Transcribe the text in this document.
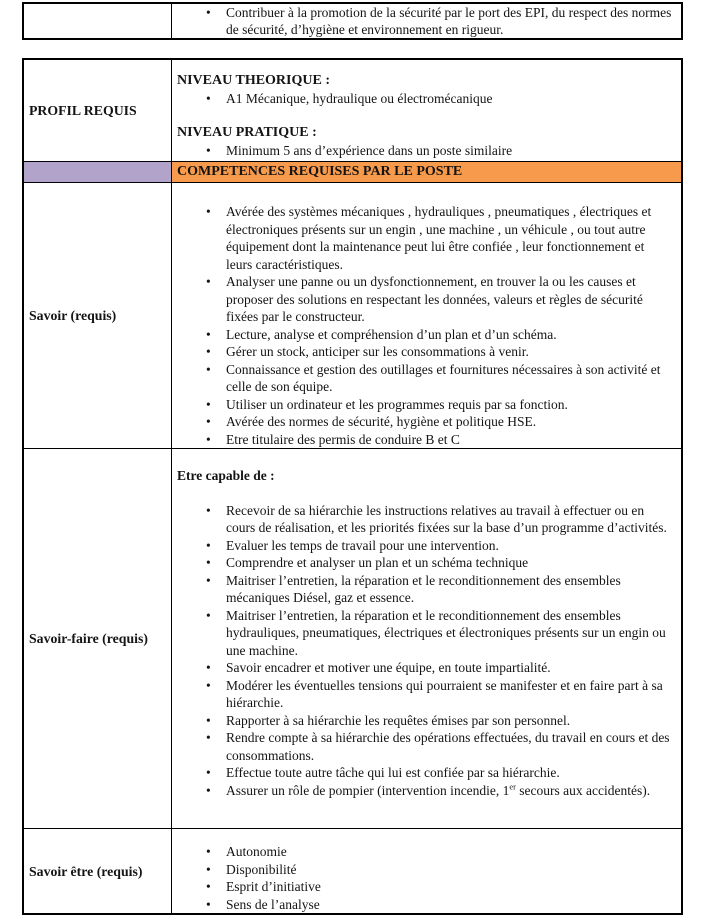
• Contribuer à la promotion de la sécurité par le port des EPI, du respect des normes de sécurité, d’hygiène et environnement en rigueur.
PROFIL REQUIS	

NIVEAU THEORIQUE :

• A1 Mécanique, hydraulique ou électromécanique

NIVEAU PRATIQUE :

• Minimum 5 ans d’expérience dans un poste similaire

	COMPETENCES REQUISES PAR LE POSTE

Savoir (requis)	
• Avérée des systèmes mécaniques , hydrauliques , pneumatiques , électriques et électroniques présents sur un engin , une machine , un véhicule , ou tout autre équipement dont la maintenance peut lui être confiée , leur fonctionnement et leurs caractéristiques.
• Analyser une panne ou un dysfonctionnement, en trouver la ou les causes et proposer des solutions en respectant les données, valeurs et règles de sécurité fixées par le constructeur.
• Lecture, analyse et compréhension d’un plan et d’un schéma.
• Gérer un stock, anticiper sur les consommations à venir.
• Connaissance et gestion des outillages et fournitures nécessaires à son activité et celle de son équipe.
• Utiliser un ordinateur et les programmes requis par sa fonction.
• Avérée des normes de sécurité, hygiène et politique HSE.
• Etre titulaire des permis de conduire B et C

Savoir-faire (requis)	

Etre capable de :

• Recevoir de sa hiérarchie les instructions relatives au travail à effectuer ou en cours de réalisation, et les priorités fixées sur la base d’un programme d’activités.
• Evaluer les temps de travail pour une intervention.
• Comprendre et analyser un plan et un schéma technique
• Maitriser l’entretien, la réparation et le reconditionnement des ensembles mécaniques Diésel, gaz et essence.
• Maitriser l’entretien, la réparation et le reconditionnement des ensembles hydrauliques, pneumatiques, électriques et électroniques présents sur un engin ou une machine.
• Savoir encadrer et motiver une équipe, en toute impartialité.
• Modérer les éventuelles tensions qui pourraient se manifester et en faire part à sa hiérarchie.
• Rapporter à sa hiérarchie les requêtes émises par son personnel.
• Rendre compte à sa hiérarchie des opérations effectuées, du travail en cours et des consommations.
• Effectue toute autre tâche qui lui est confiée par sa hiérarchie.
• Assurer un rôle de pompier (intervention incendie, 1er secours aux accidentés).

Savoir être (requis)	
• Autonomie
• Disponibilité
• Esprit d’initiative
• Sens de l’analyse
